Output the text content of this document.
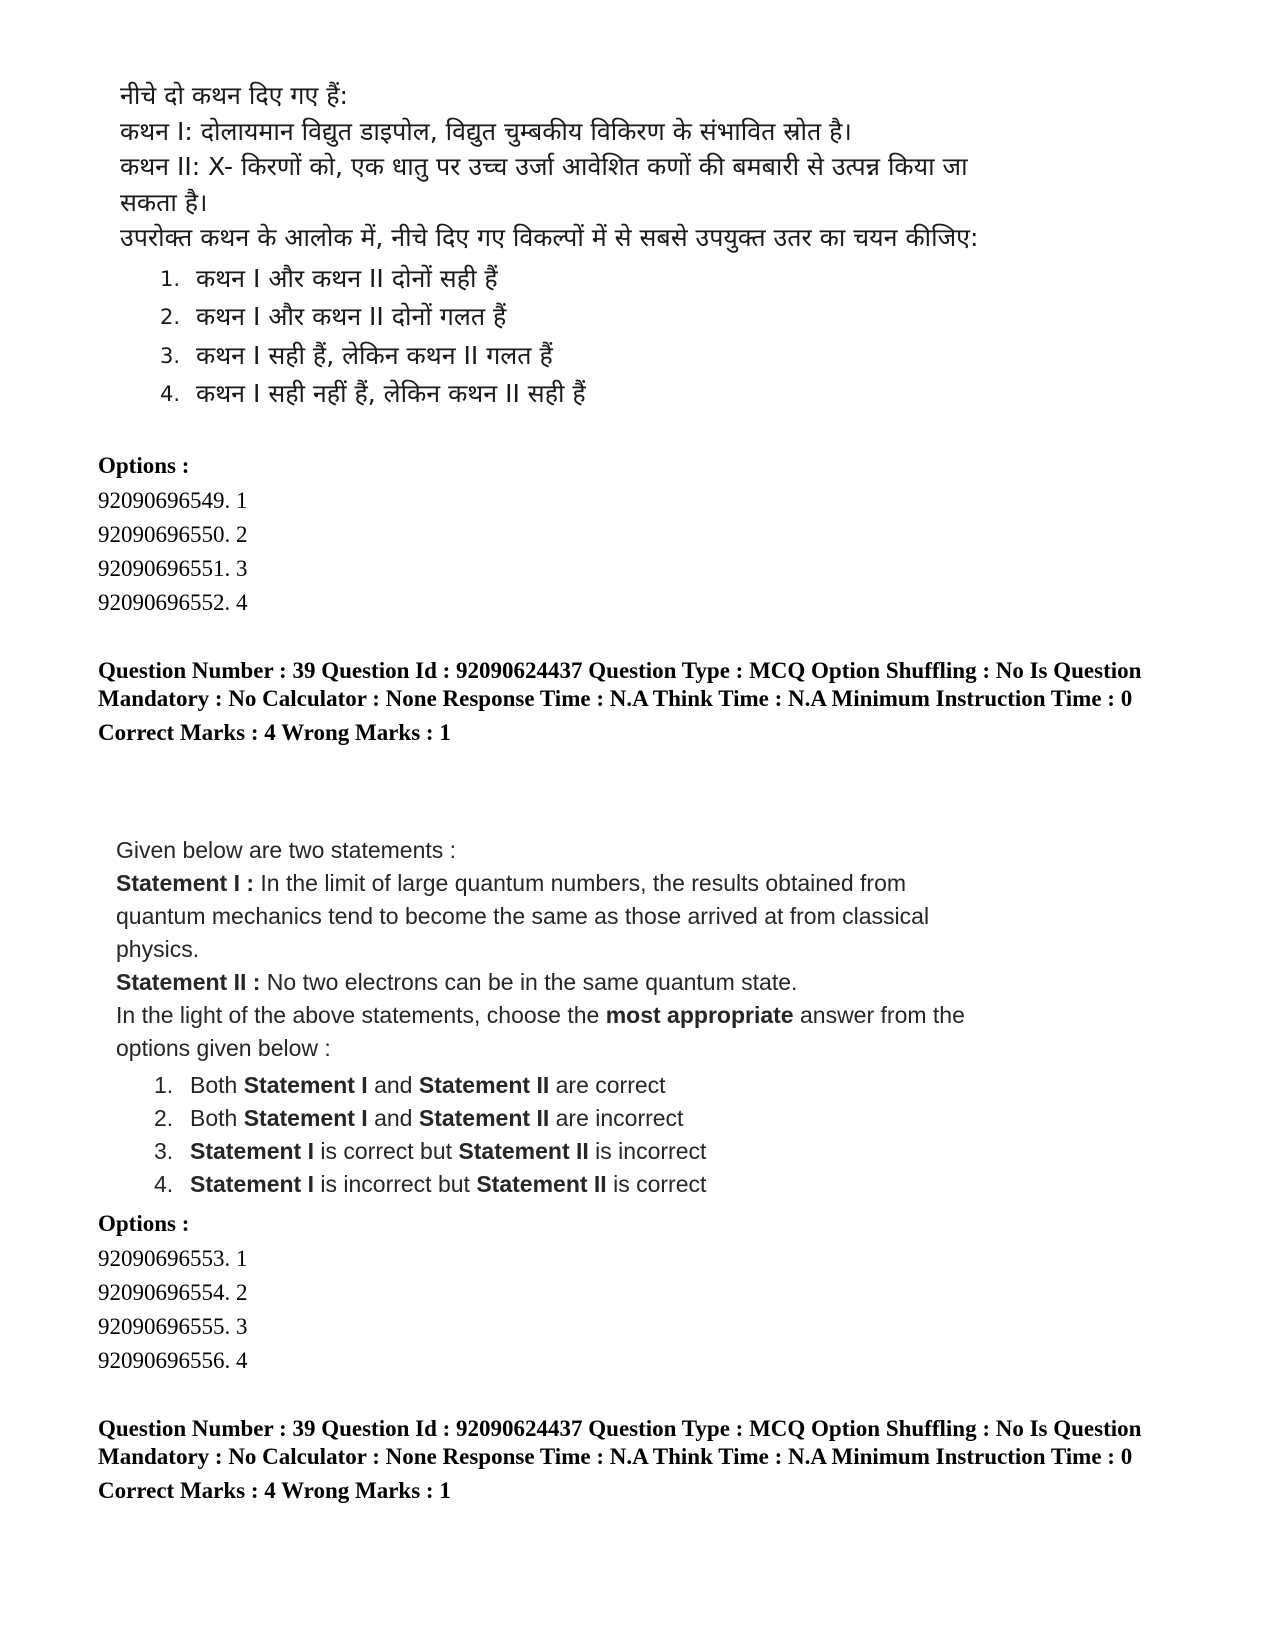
नीचे दो कथन दिए गए हैं:

कथन I: दोलायमान विद्युत डाइपोल, विद्युत चुम्बकीय विकिरण के संभावित स्रोत है।

कथन II: X- किरणों को, एक धातु पर उच्च उर्जा आवेशित कणों की बमबारी से उत्पन्न किया जा सकता है।

उपरोक्त कथन के आलोक में, नीचे दिए गए विकल्पों में से सबसे उपयुक्त उतर का चयन कीजिए:

1. कथन I और कथन II दोनों सही हैं
2. कथन I और कथन II दोनों गलत हैं
3. कथन I सही हैं, लेकिन कथन II गलत हैं
4. कथन I सही नहीं हैं, लेकिन कथन II सही हैं

Options :

92090696549. 1
92090696550. 2
92090696551. 3
92090696552. 4

Question Number : 39 Question Id : 92090624437 Question Type : MCQ Option Shuffling : No Is Question Mandatory : No Calculator : None Response Time : N.A Think Time : N.A Minimum Instruction Time : 0

Correct Marks : 4 Wrong Marks : 1

Given below are two statements :

Statement I : In the limit of large quantum numbers, the results obtained from quantum mechanics tend to become the same as those arrived at from classical physics.

Statement II : No two electrons can be in the same quantum state.

In the light of the above statements, choose the most appropriate answer from the options given below :

1. Both Statement I and Statement II are correct
2. Both Statement I and Statement II are incorrect
3. Statement I is correct but Statement II is incorrect
4. Statement I is incorrect but Statement II is correct

Options :

92090696553. 1
92090696554. 2
92090696555. 3
92090696556. 4

Question Number : 39 Question Id : 92090624437 Question Type : MCQ Option Shuffling : No Is Question Mandatory : No Calculator : None Response Time : N.A Think Time : N.A Minimum Instruction Time : 0

Correct Marks : 4 Wrong Marks : 1
